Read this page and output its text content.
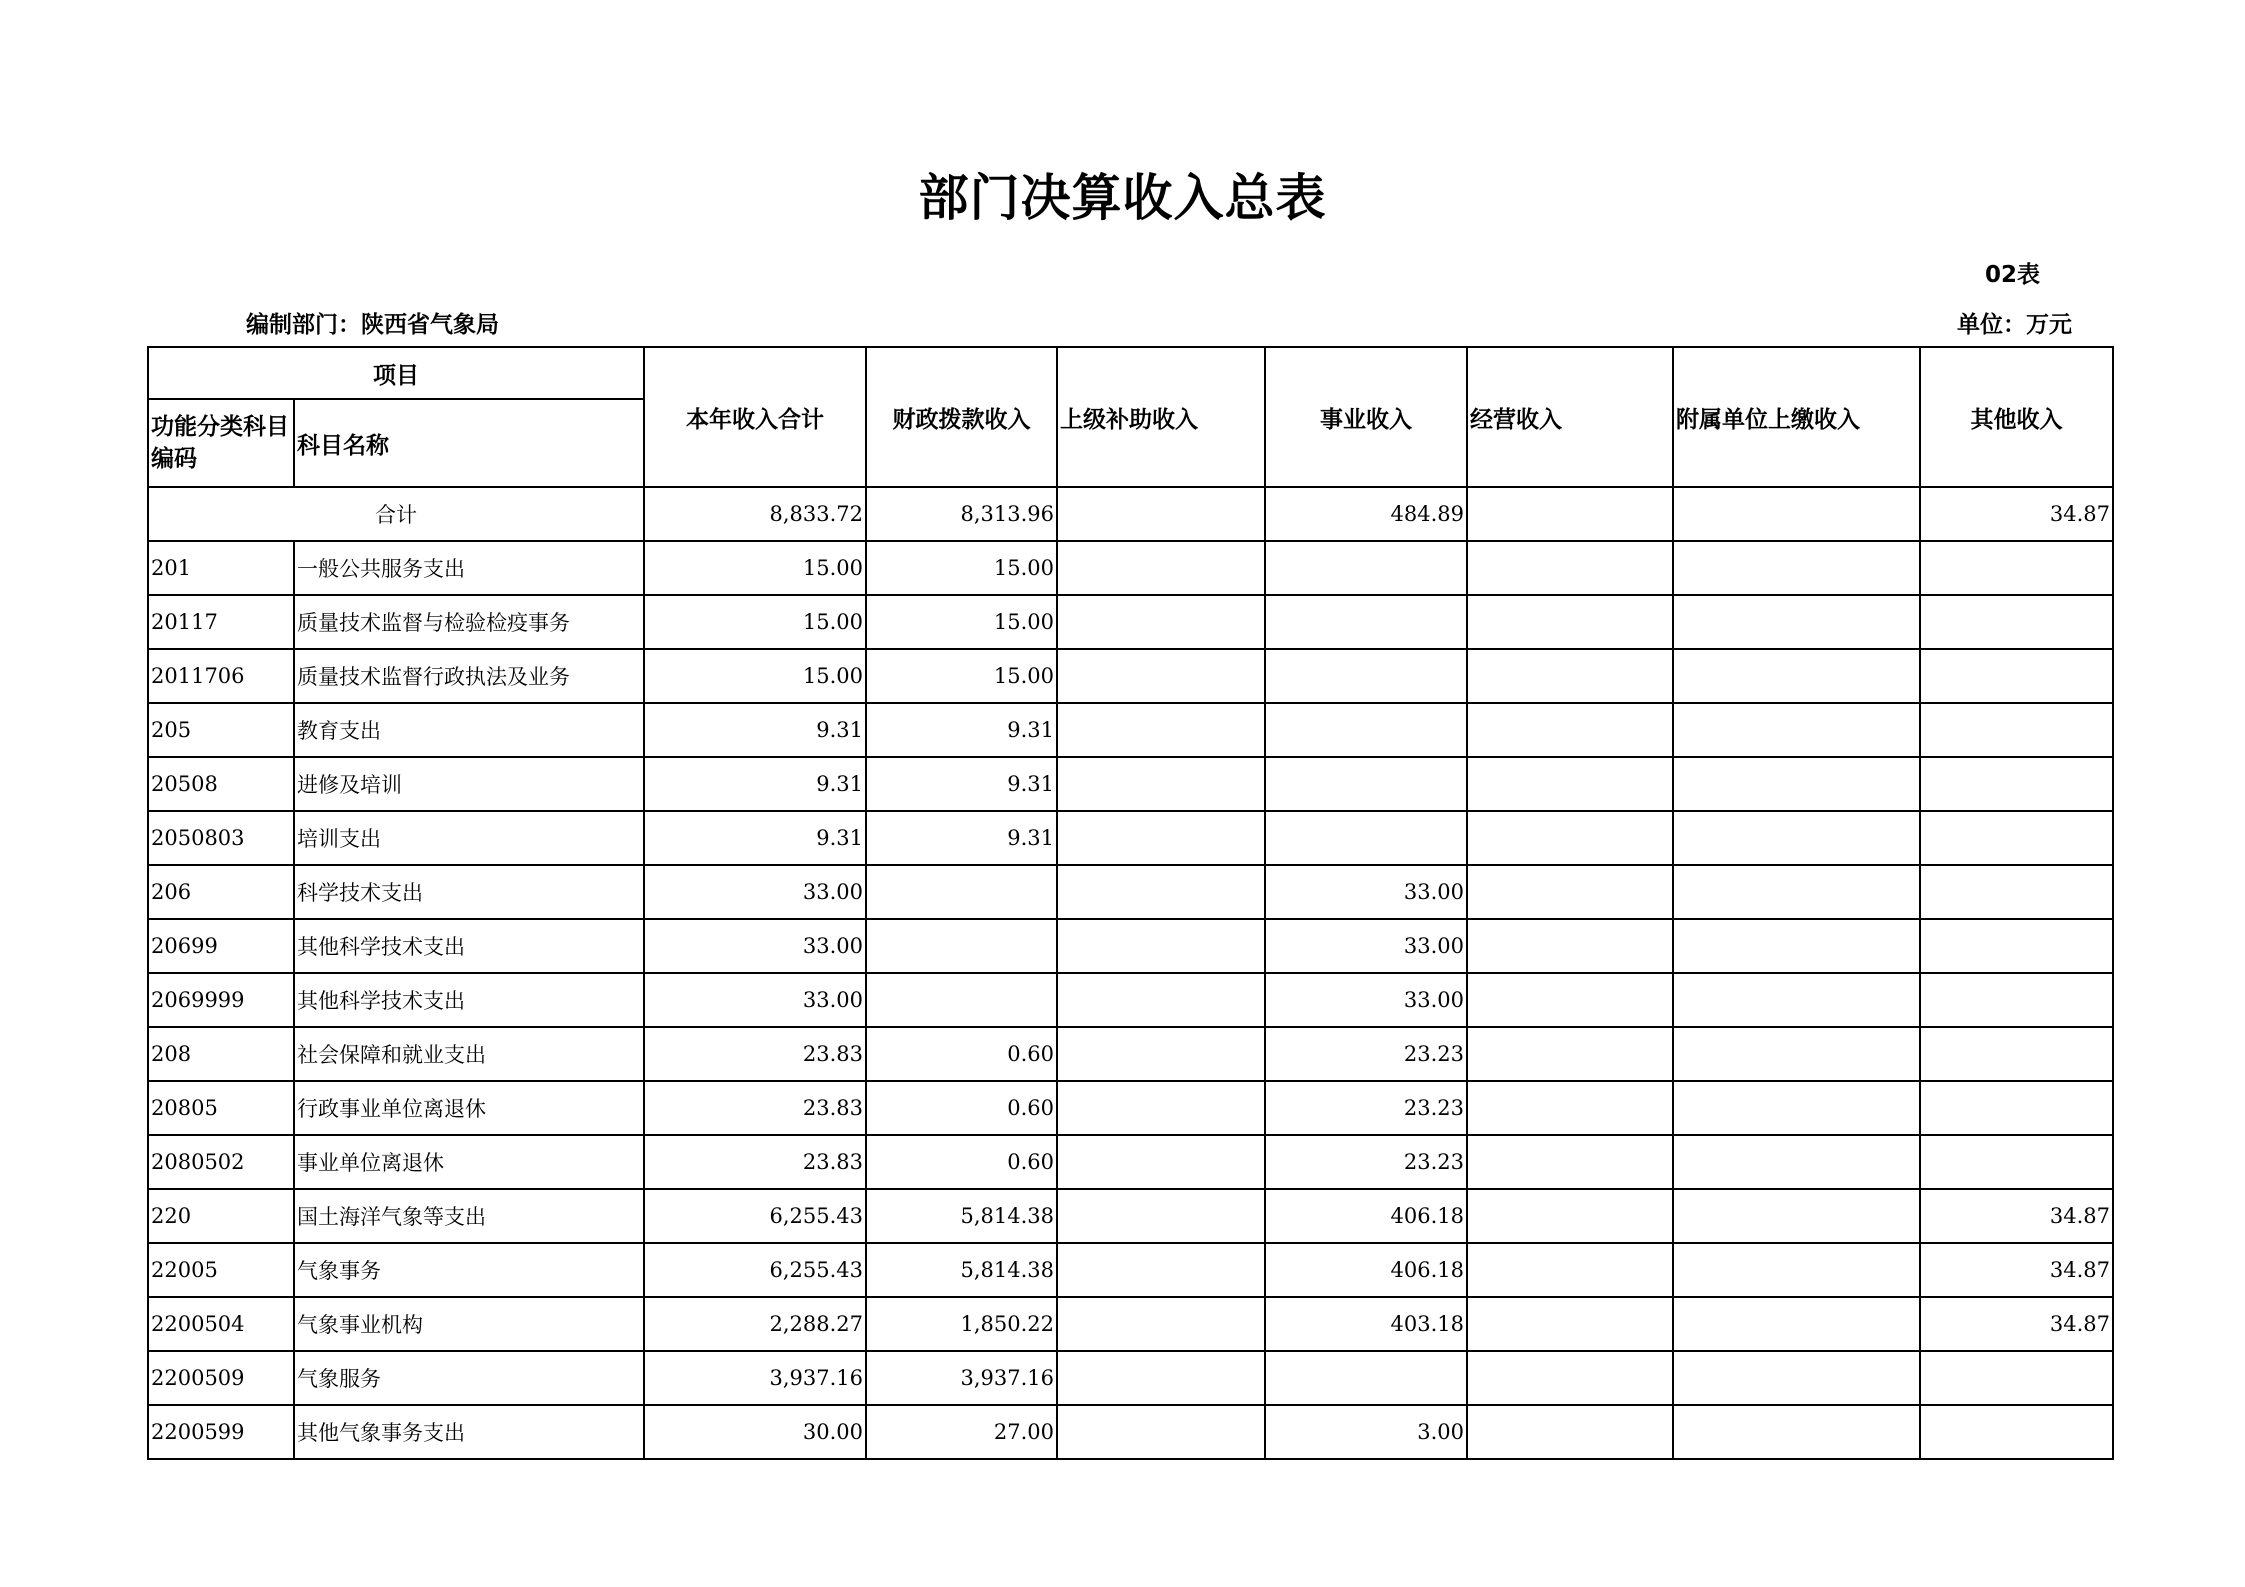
部门决算收入总表
02表
编制部门：陕西省气象局	单位：万元
项目		本年收入合计	财政拨款收入	上级补助收入	事业收入	经营收入	附属单位上缴收入	其他收入
功能分类科目编码	科目名称							
合计		8,833.72	8,313.96		484.89			34.87
201	一般公共服务支出	15.00	15.00					
20117	质量技术监督与检验检疫事务	15.00	15.00					
2011706	质量技术监督行政执法及业务	15.00	15.00					
205	教育支出	9.31	9.31					
20508	进修及培训	9.31	9.31					
2050803	培训支出	9.31	9.31					
206	科学技术支出	33.00			33.00			
20699	其他科学技术支出	33.00			33.00			
2069999	其他科学技术支出	33.00			33.00			
208	社会保障和就业支出	23.83	0.60		23.23			
20805	行政事业单位离退休	23.83	0.60		23.23			
2080502	事业单位离退休	23.83	0.60		23.23			
220	国土海洋气象等支出	6,255.43	5,814.38		406.18			34.87
22005	气象事务	6,255.43	5,814.38		406.18			34.87
2200504	气象事业机构	2,288.27	1,850.22		403.18			34.87
2200509	气象服务	3,937.16	3,937.16					
2200599	其他气象事务支出	30.00	27.00		3.00			
